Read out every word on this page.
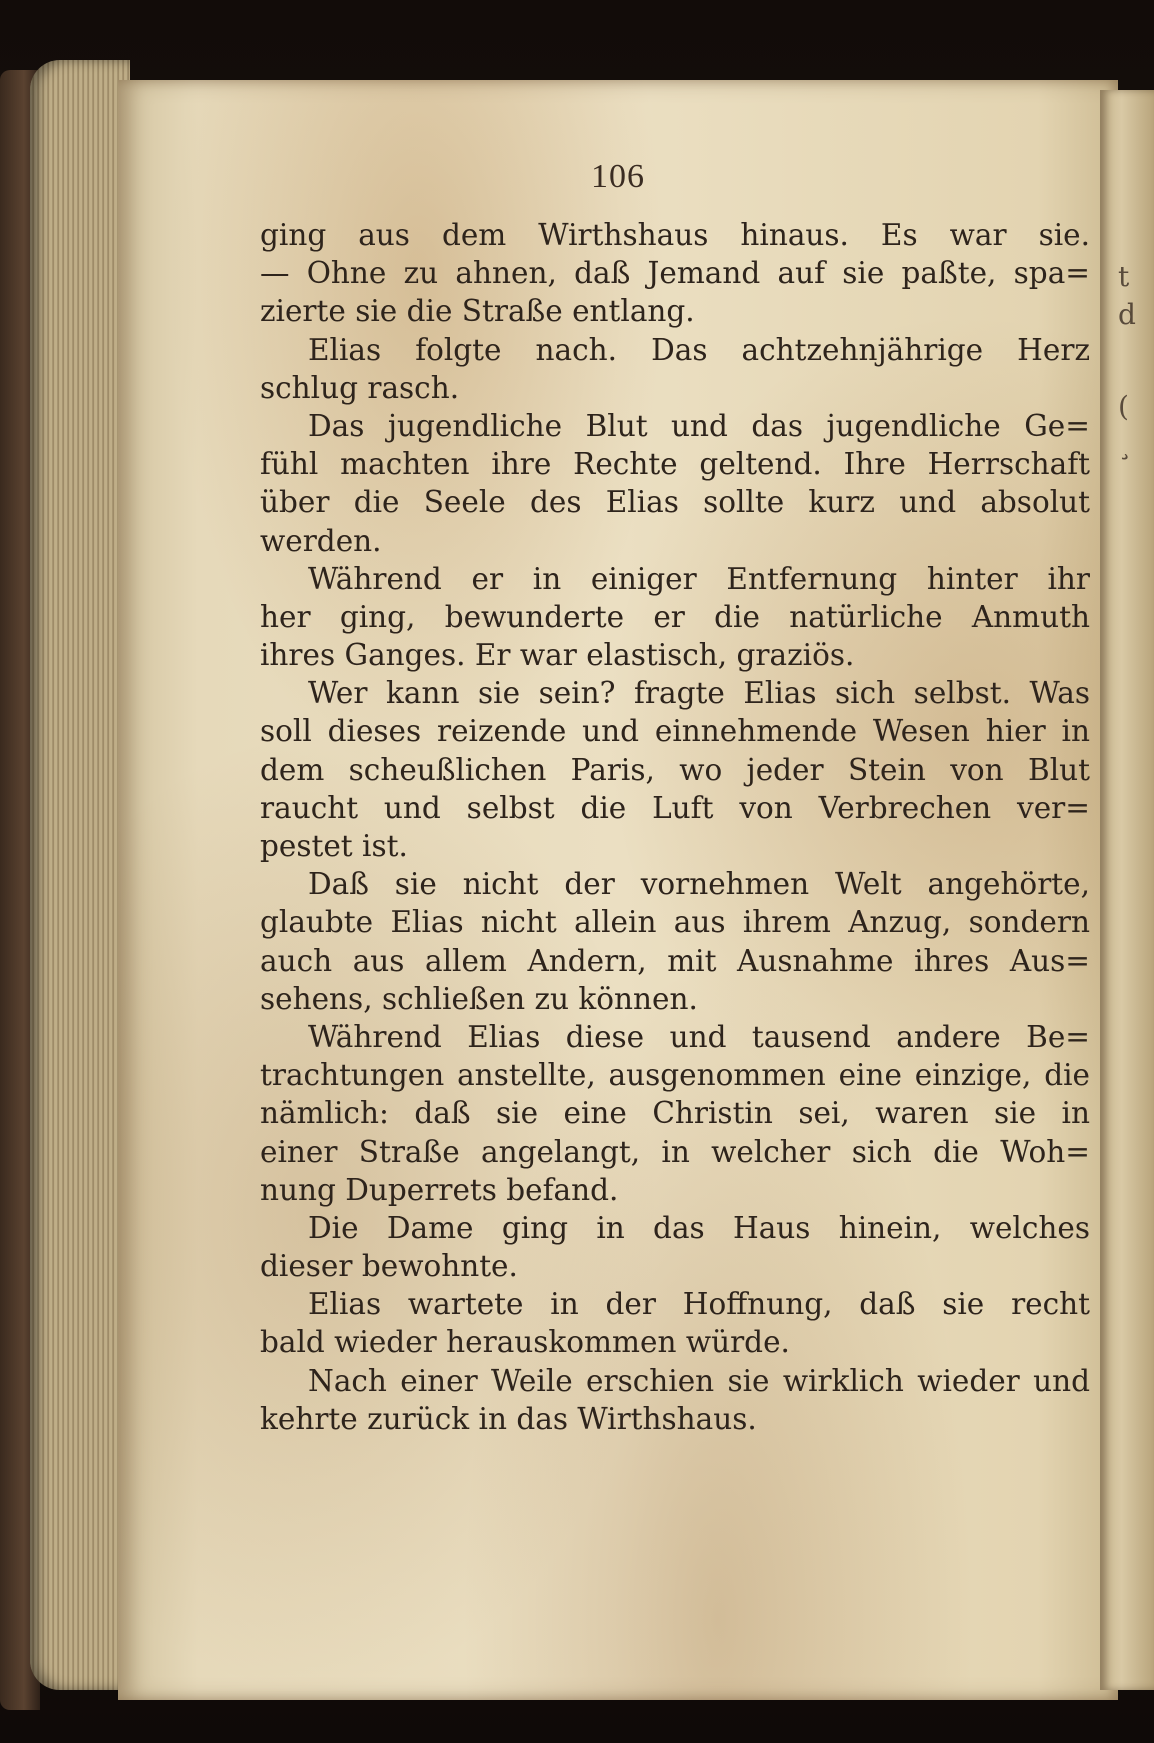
106
ging aus dem Wirthshaus hinaus. Es war sie.
— Ohne zu ahnen, daß Jemand auf sie paßte, spa=
zierte sie die Straße entlang.
Elias folgte nach. Das achtzehnjährige Herz
schlug rasch.
Das jugendliche Blut und das jugendliche Ge=
fühl machten ihre Rechte geltend. Ihre Herrschaft
über die Seele des Elias sollte kurz und absolut
werden.
Während er in einiger Entfernung hinter ihr
her ging, bewunderte er die natürliche Anmuth
ihres Ganges. Er war elastisch, graziös.
Wer kann sie sein? fragte Elias sich selbst. Was
soll dieses reizende und einnehmende Wesen hier in
dem scheußlichen Paris, wo jeder Stein von Blut
raucht und selbst die Luft von Verbrechen ver=
pestet ist.
Daß sie nicht der vornehmen Welt angehörte,
glaubte Elias nicht allein aus ihrem Anzug, sondern
auch aus allem Andern, mit Ausnahme ihres Aus=
sehens, schließen zu können.
Während Elias diese und tausend andere Be=
trachtungen anstellte, ausgenommen eine einzige, die
nämlich: daß sie eine Christin sei, waren sie in
einer Straße angelangt, in welcher sich die Woh=
nung Duperrets befand.
Die Dame ging in das Haus hinein, welches
dieser bewohnte.
Elias wartete in der Hoffnung, daß sie recht
bald wieder herauskommen würde.
Nach einer Weile erschien sie wirklich wieder und
kehrte zurück in das Wirthshaus.
t
d
(
¸
